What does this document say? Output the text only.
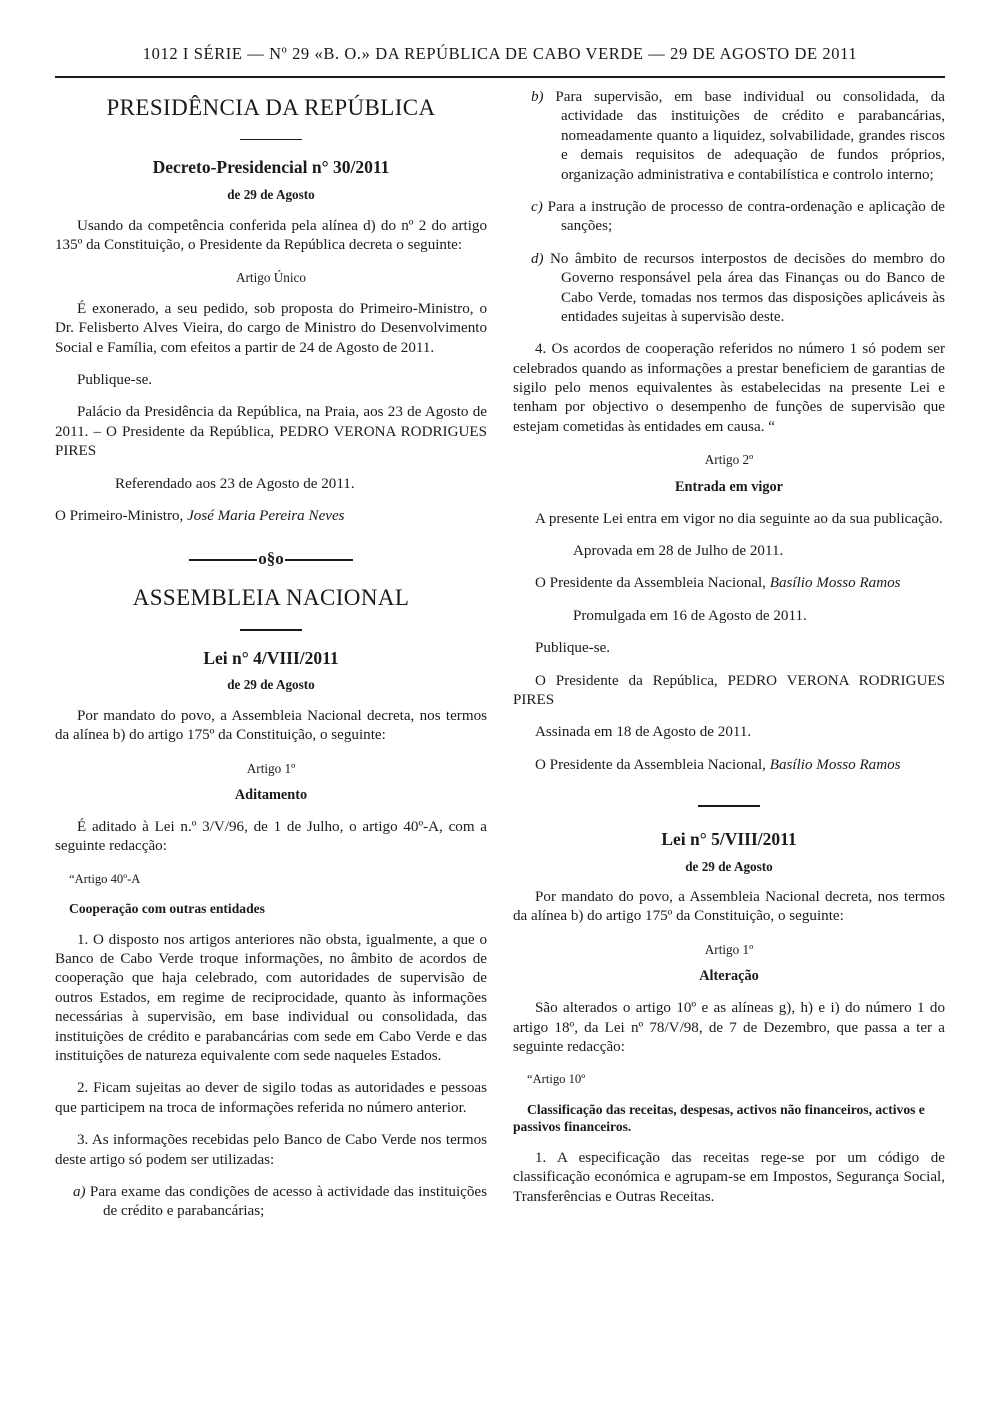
1012 I SÉRIE — Nº 29 «B. O.» DA REPÚBLICA DE CABO VERDE — 29 DE AGOSTO DE 2011
PRESIDÊNCIA DA REPÚBLICA
Decreto-Presidencial n° 30/2011
de 29 de Agosto

Usando da competência conferida pela alínea d) do nº 2 do artigo 135º da Constituição, o Presidente da República decreta o seguinte:

Artigo Único

É exonerado, a seu pedido, sob proposta do Primeiro-Ministro, o Dr. Felisberto Alves Vieira, do cargo de Ministro do Desenvolvimento Social e Família, com efeitos a partir de 24 de Agosto de 2011.

Publique-se.

Palácio da Presidência da República, na Praia, aos 23 de Agosto de 2011. – O Presidente da República, PEDRO VERONA RODRIGUES PIRES

Referendado aos 23 de Agosto de 2011.

O Primeiro-Ministro, José Maria Pereira Neves

o§o
ASSEMBLEIA NACIONAL
Lei n° 4/VIII/2011
de 29 de Agosto

Por mandato do povo, a Assembleia Nacional decreta, nos termos da alínea b) do artigo 175º da Constituição, o seguinte:

Artigo 1º
Aditamento

É aditado à Lei n.º 3/V/96, de 1 de Julho, o artigo 40º-A, com a seguinte redacção:

“Artigo 40º-A

Cooperação com outras entidades

1. O disposto nos artigos anteriores não obsta, igualmente, a que o Banco de Cabo Verde troque informações, no âmbito de acordos de cooperação que haja celebrado, com autoridades de supervisão de outros Estados, em regime de reciprocidade, quanto às informações necessárias à supervisão, em base individual ou consolidada, das instituições de crédito e parabancárias com sede em Cabo Verde e das instituições de natureza equivalente com sede naqueles Estados.

2. Ficam sujeitas ao dever de sigilo todas as autoridades e pessoas que participem na troca de informações referida no número anterior.

3. As informações recebidas pelo Banco de Cabo Verde nos termos deste artigo só podem ser utilizadas:

a) Para exame das condições de acesso à actividade das instituições de crédito e parabancárias;

b) Para supervisão, em base individual ou consolidada, da actividade das instituições de crédito e parabancárias, nomeadamente quanto a liquidez, solvabilidade, grandes riscos e demais requisitos de adequação de fundos próprios, organização administrativa e contabilística e controlo interno;

c) Para a instrução de processo de contra-ordenação e aplicação de sanções;

d) No âmbito de recursos interpostos de decisões do membro do Governo responsável pela área das Finanças ou do Banco de Cabo Verde, tomadas nos termos das disposições aplicáveis às entidades sujeitas à supervisão deste.

4. Os acordos de cooperação referidos no número 1 só podem ser celebrados quando as informações a prestar beneficiem de garantias de sigilo pelo menos equivalentes às estabelecidas na presente Lei e tenham por objectivo o desempenho de funções de supervisão que estejam cometidas às entidades em causa. “

Artigo 2º
Entrada em vigor

A presente Lei entra em vigor no dia seguinte ao da sua publicação.

Aprovada em 28 de Julho de 2011.

O Presidente da Assembleia Nacional, Basílio Mosso Ramos

Promulgada em 16 de Agosto de 2011.

Publique-se.

O Presidente da República, PEDRO VERONA RODRIGUES PIRES

Assinada em 18 de Agosto de 2011.

O Presidente da Assembleia Nacional, Basílio Mosso Ramos

Lei n° 5/VIII/2011
de 29 de Agosto

Por mandato do povo, a Assembleia Nacional decreta, nos termos da alínea b) do artigo 175º da Constituição, o seguinte:

Artigo 1º
Alteração

São alterados o artigo 10º e as alíneas g), h) e i) do número 1 do artigo 18º, da Lei nº 78/V/98, de 7 de Dezembro, que passa a ter a seguinte redacção:

“Artigo 10º

Classificação das receitas, despesas, activos não financeiros, activos e passivos financeiros.

1. A especificação das receitas rege-se por um código de classificação económica e agrupam-se em Impostos, Segurança Social, Transferências e Outras Receitas.
